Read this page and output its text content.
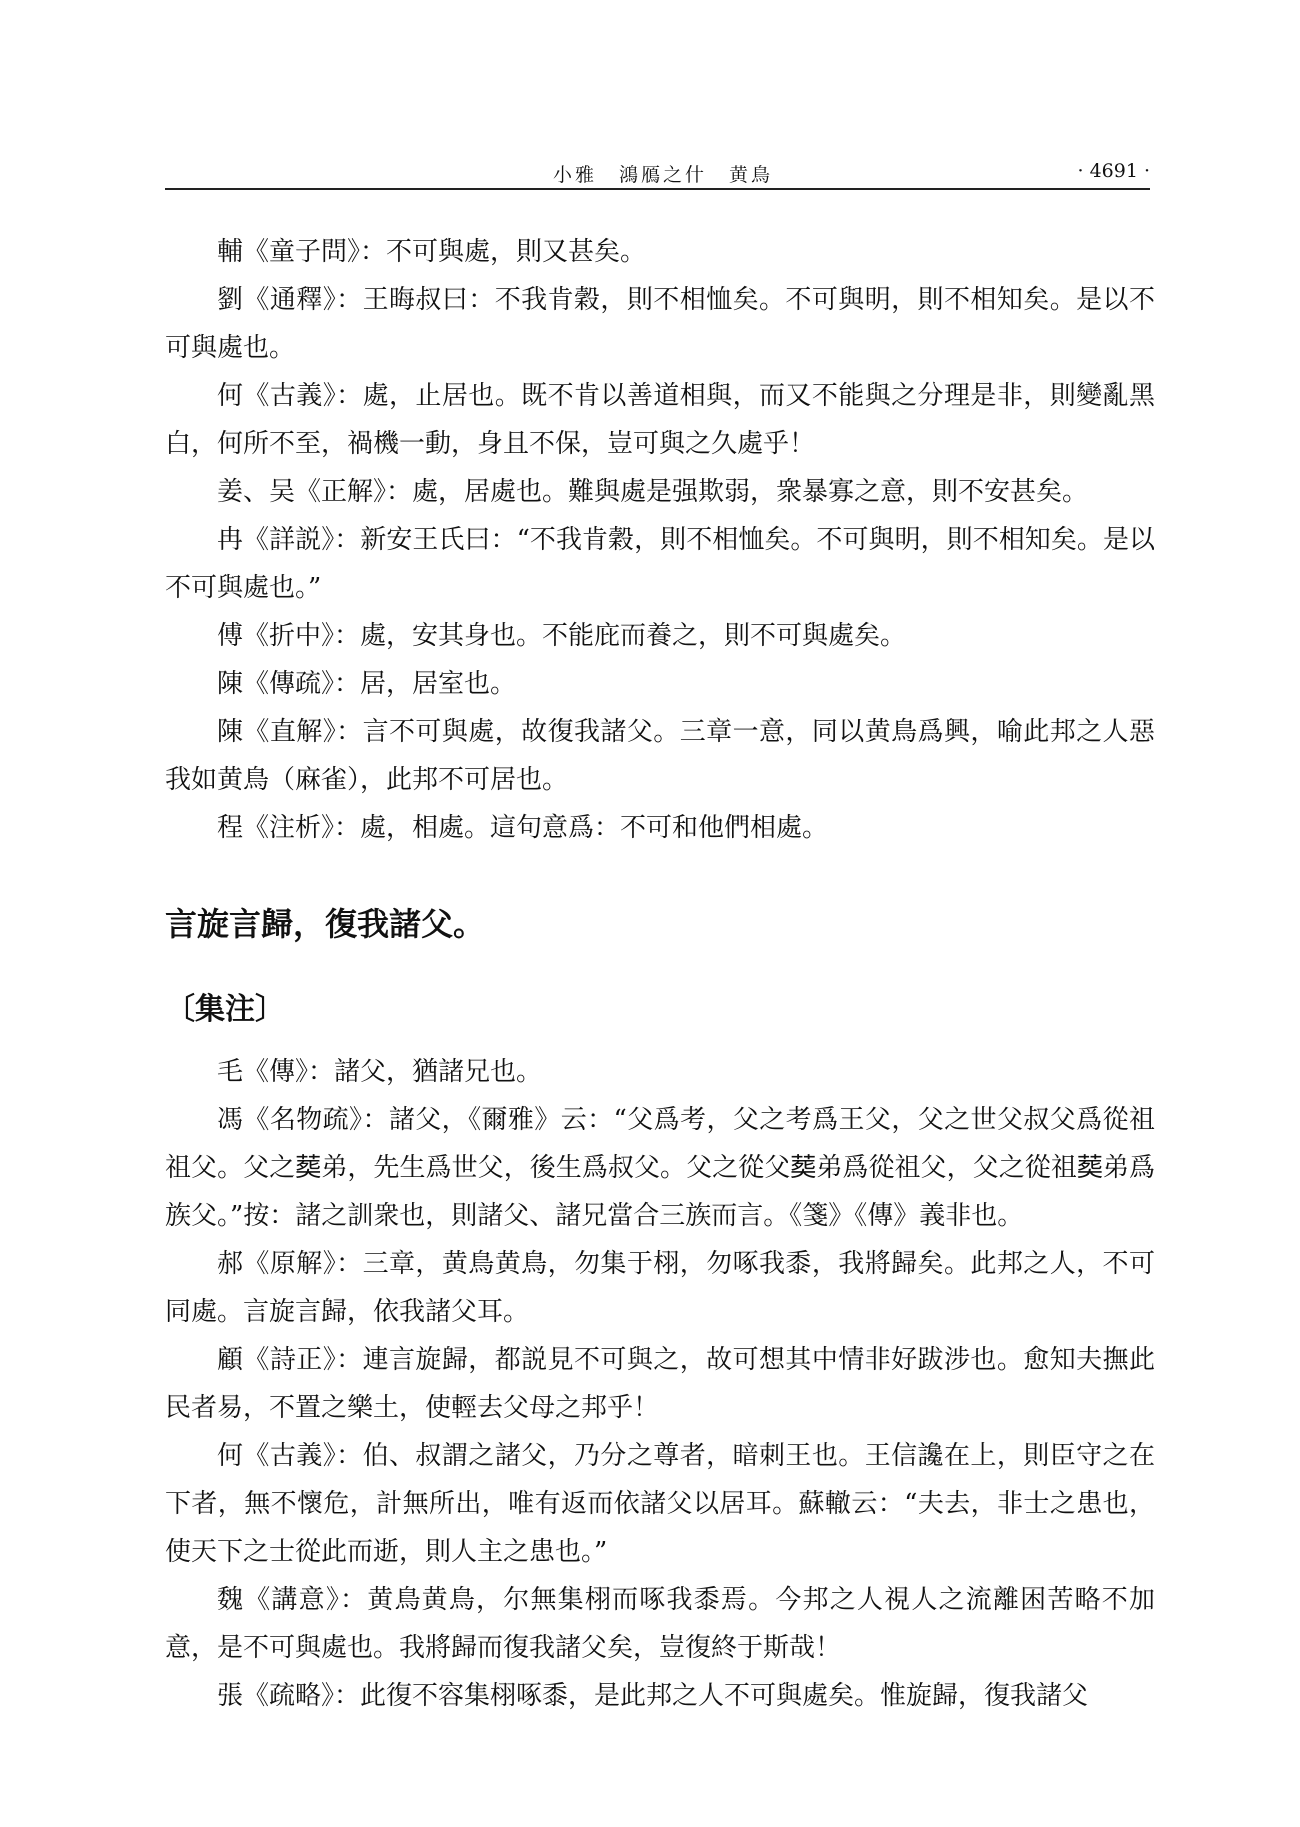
小雅　鴻鴈之什　黄鳥	· 4691 ·

輔《童子問》：不可與處，則又甚矣。

劉《通釋》：王晦叔曰：不我肯穀，則不相恤矣。不可與明，則不相知矣。是以不可與處也。

何《古義》：處，止居也。既不肯以善道相與，而又不能與之分理是非，則變亂黑白，何所不至，禍機一動，身且不保，豈可與之久處乎！

姜、吴《正解》：處，居處也。難與處是强欺弱，衆暴寡之意，則不安甚矣。

冉《詳説》：新安王氏曰：“不我肯穀，則不相恤矣。不可與明，則不相知矣。是以不可與處也。”

傅《折中》：處，安其身也。不能庇而養之，則不可與處矣。

陳《傳疏》：居，居室也。

陳《直解》：言不可與處，故復我諸父。三章一意，同以黄鳥爲興，喻此邦之人惡我如黄鳥（麻雀），此邦不可居也。

程《注析》：處，相處。這句意爲：不可和他們相處。

言旋言歸，復我諸父。
〔集注〕

毛《傳》：諸父，猶諸兄也。

馮《名物疏》：諸父，《爾雅》云：“父爲考，父之考爲王父，父之世父叔父爲從祖祖父。父之𦵏弟，先生爲世父，後生爲叔父。父之從父𦵏弟爲從祖父，父之從祖𦵏弟爲族父。”按：諸之訓衆也，則諸父、諸兄當合三族而言。《箋》《傳》義非也。

郝《原解》：三章，黄鳥黄鳥，勿集于栩，勿啄我黍，我將歸矣。此邦之人，不可同處。言旋言歸，依我諸父耳。

顧《詩正》：連言旋歸，都説見不可與之，故可想其中情非好跋涉也。愈知夫撫此民者易，不置之樂土，使輕去父母之邦乎！

何《古義》：伯、叔謂之諸父，乃分之尊者，暗刺王也。王信讒在上，則臣守之在下者，無不懷危，計無所出，唯有返而依諸父以居耳。蘇轍云：“夫去，非士之患也，使天下之士從此而逝，則人主之患也。”

魏《講意》：黄鳥黄鳥，尔無集栩而啄我黍焉。今邦之人視人之流離困苦略不加意，是不可與處也。我將歸而復我諸父矣，豈復終于斯哉！

張《疏略》：此復不容集栩啄黍，是此邦之人不可與處矣。惟旋歸，復我諸父
